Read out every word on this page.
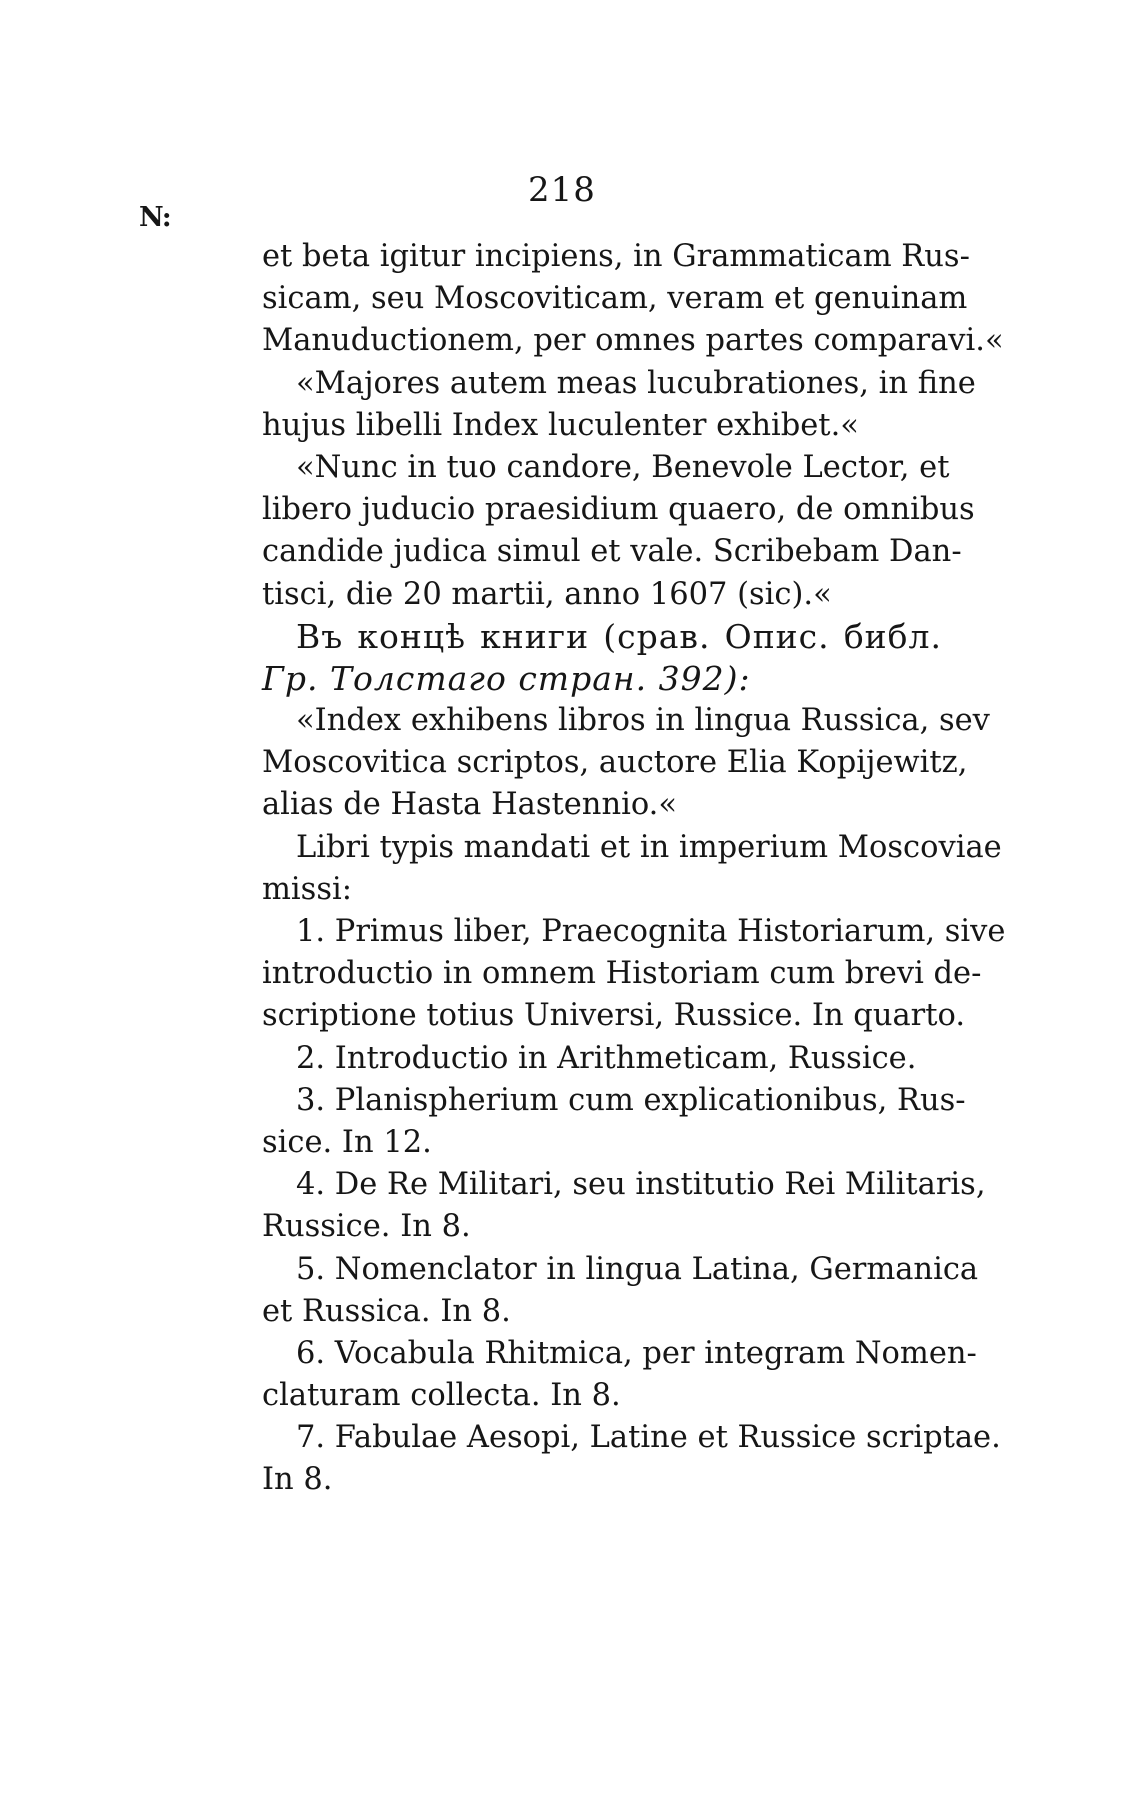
N:
218
et beta igitur incipiens, in Grammaticam Rus-
sicam, seu Moscoviticam, veram et genuinam
Manuductionem, per omnes partes comparavi.«
«Majores autem meas lucubrationes, in fine
hujus libelli Index luculenter exhibet.«
«Nunc in tuo candore, Benevole Lector, et
libero juducio praesidium quaero, de omnibus
candide judica simul et vale. Scribebam Dan-
tisci, die 20 martii, anno 1607 (sic).«
Въ концѣ книги (срав. Опис. библ.
Гр. Толстаго стран. 392):
«Index exhibens libros in lingua Russica, sev
Moscovitica scriptos, auctore Elia Kopijewitz,
alias de Hasta Hastennio.«
Libri typis mandati et in imperium Moscoviae
missi:
1. Primus liber, Praecognita Historiarum, sive
introductio in omnem Historiam cum brevi de-
scriptione totius Universi, Russice. In quarto.
2. Introductio in Arithmeticam, Russice.
3. Planispherium cum explicationibus, Rus-
sice. In 12.
4. De Re Militari, seu institutio Rei Militaris,
Russice. In 8.
5. Nomenclator in lingua Latina, Germanica
et Russica. In 8.
6. Vocabula Rhitmica, per integram Nomen-
claturam collecta. In 8.
7. Fabulae Aesopi, Latine et Russice scriptae.
In 8.
